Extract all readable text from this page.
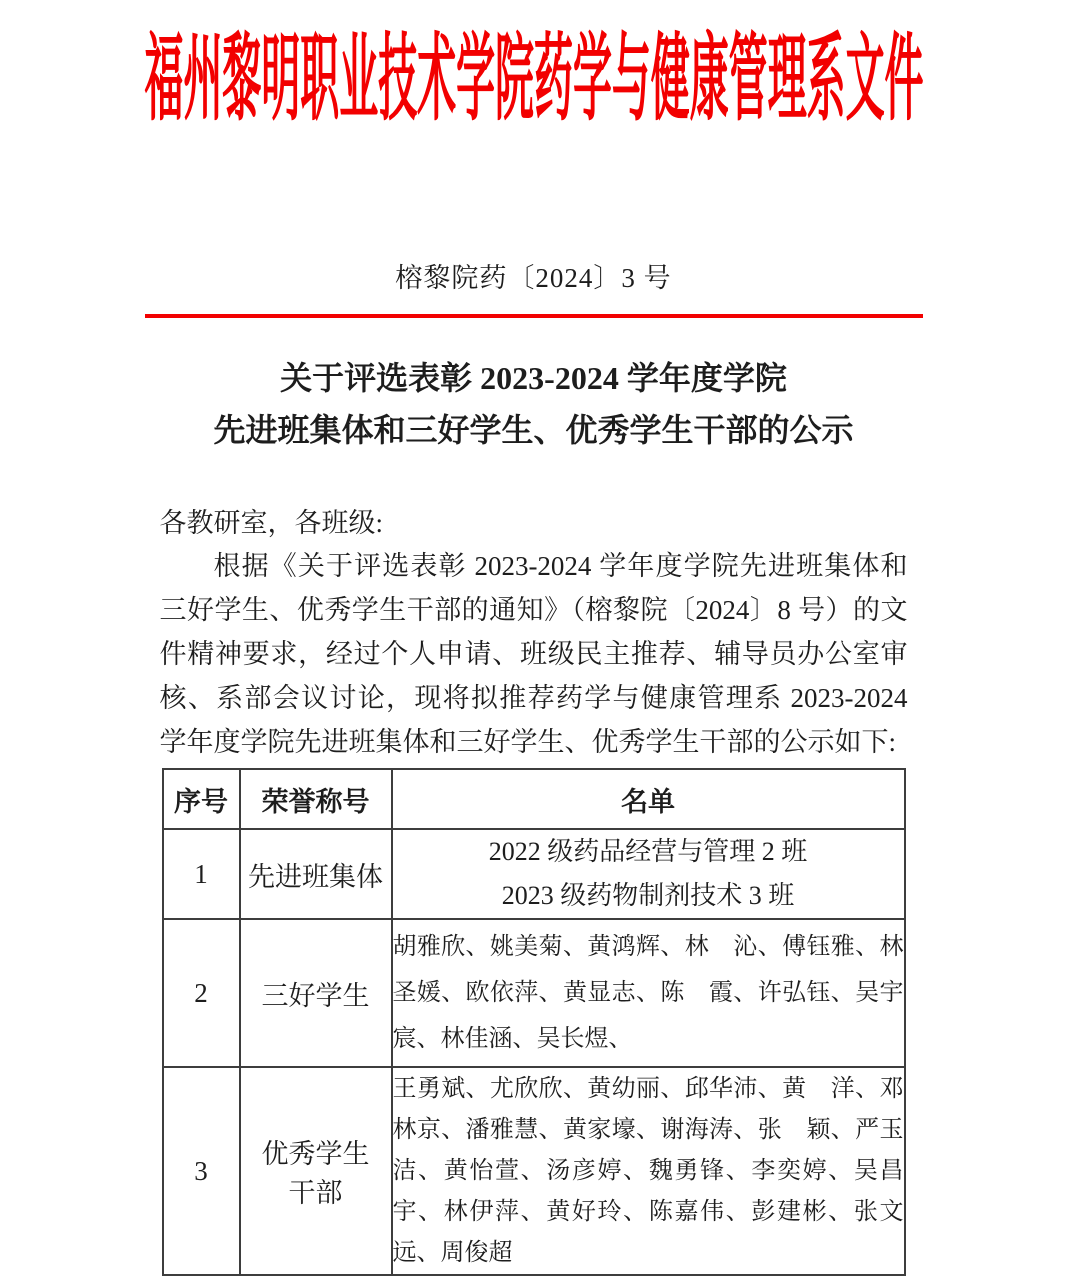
福州黎明职业技术学院药学与健康管理系文件
榕黎院药〔2024〕3 号
关于评选表彰 2023-2024 学年度学院
先进班集体和三好学生、优秀学生干部的公示
各教研室，各班级:

根据《关于评选表彰 2023-2024 学年度学院先进班集体和三好学生、优秀学生干部的通知》（榕黎院〔2024〕8 号）的文件精神要求，经过个人申请、班级民主推荐、辅导员办公室审核、系部会议讨论，现将拟推荐药学与健康管理系 2023-2024 学年度学院先进班集体和三好学生、优秀学生干部的公示如下:

序号	荣誉称号	名单
1	先进班集体	2022 级药品经营与管理 2 班
2023 级药物制剂技术 3 班

2	三好学生	胡雅欣、姚美菊、黄鸿辉、林　沁、傅钰雅、林圣媛、欧依萍、黄显志、陈　霞、许弘钰、吴宇宸、林佳涵、吴长煜、
3	优秀学生干部	王勇斌、尤欣欣、黄幼丽、邱华沛、黄　洋、邓林京、潘雅慧、黄家壕、谢海涛、张　颖、严玉洁、黄怡萱、汤彦婷、魏勇锋、李奕婷、吴昌宇、林伊萍、黄好玲、陈嘉伟、彭建彬、张文远、周俊超
